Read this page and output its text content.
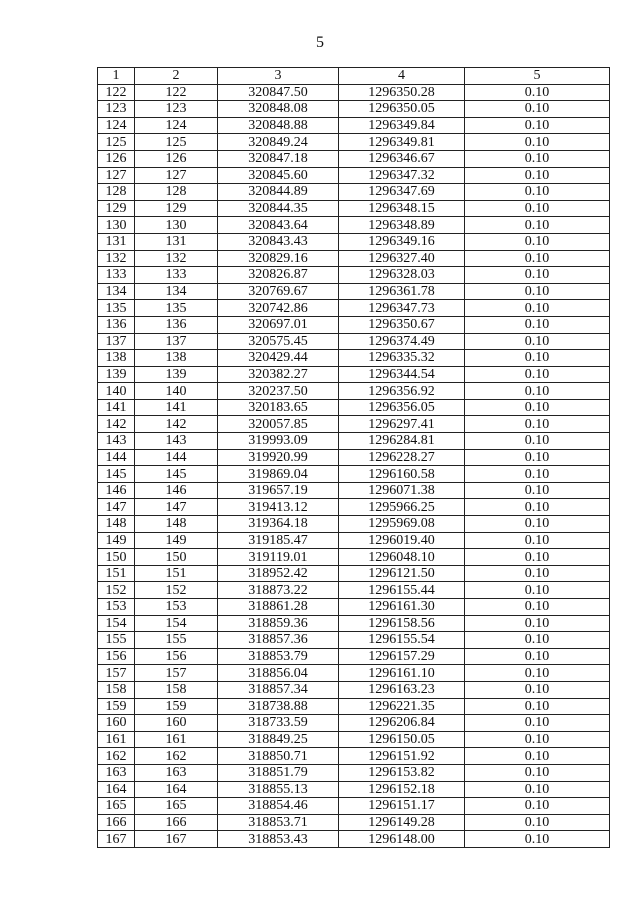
5
1	2	3	4	5
122	122	320847.50	1296350.28	0.10
123	123	320848.08	1296350.05	0.10
124	124	320848.88	1296349.84	0.10
125	125	320849.24	1296349.81	0.10
126	126	320847.18	1296346.67	0.10
127	127	320845.60	1296347.32	0.10
128	128	320844.89	1296347.69	0.10
129	129	320844.35	1296348.15	0.10
130	130	320843.64	1296348.89	0.10
131	131	320843.43	1296349.16	0.10
132	132	320829.16	1296327.40	0.10
133	133	320826.87	1296328.03	0.10
134	134	320769.67	1296361.78	0.10
135	135	320742.86	1296347.73	0.10
136	136	320697.01	1296350.67	0.10
137	137	320575.45	1296374.49	0.10
138	138	320429.44	1296335.32	0.10
139	139	320382.27	1296344.54	0.10
140	140	320237.50	1296356.92	0.10
141	141	320183.65	1296356.05	0.10
142	142	320057.85	1296297.41	0.10
143	143	319993.09	1296284.81	0.10
144	144	319920.99	1296228.27	0.10
145	145	319869.04	1296160.58	0.10
146	146	319657.19	1296071.38	0.10
147	147	319413.12	1295966.25	0.10
148	148	319364.18	1295969.08	0.10
149	149	319185.47	1296019.40	0.10
150	150	319119.01	1296048.10	0.10
151	151	318952.42	1296121.50	0.10
152	152	318873.22	1296155.44	0.10
153	153	318861.28	1296161.30	0.10
154	154	318859.36	1296158.56	0.10
155	155	318857.36	1296155.54	0.10
156	156	318853.79	1296157.29	0.10
157	157	318856.04	1296161.10	0.10
158	158	318857.34	1296163.23	0.10
159	159	318738.88	1296221.35	0.10
160	160	318733.59	1296206.84	0.10
161	161	318849.25	1296150.05	0.10
162	162	318850.71	1296151.92	0.10
163	163	318851.79	1296153.82	0.10
164	164	318855.13	1296152.18	0.10
165	165	318854.46	1296151.17	0.10
166	166	318853.71	1296149.28	0.10
167	167	318853.43	1296148.00	0.10
